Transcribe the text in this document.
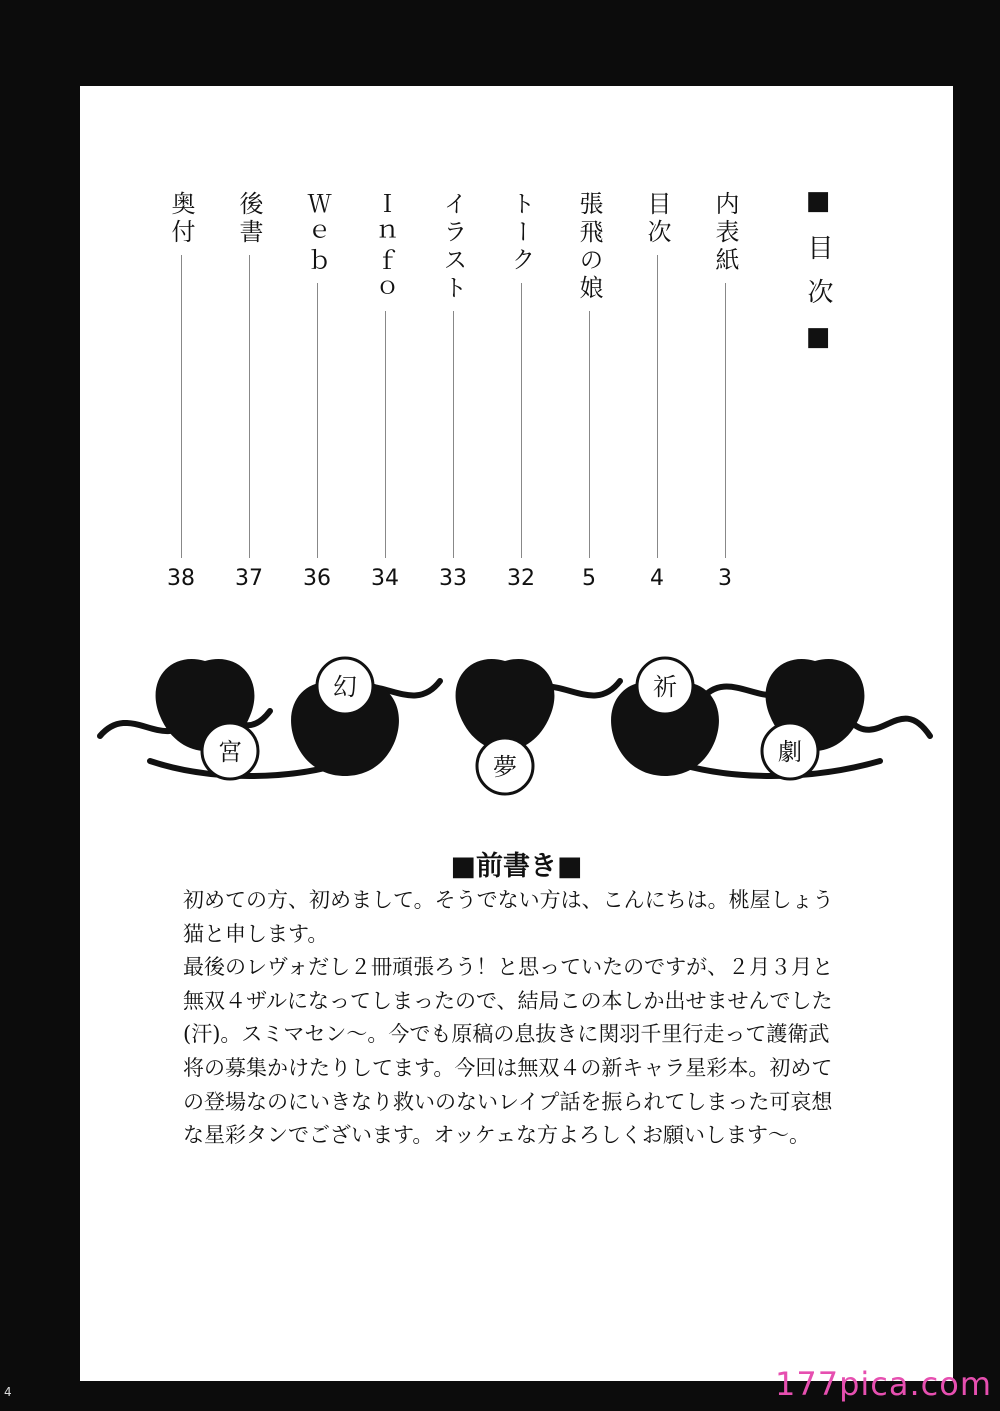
■目次■
内表紙
3
目次
4
張飛の娘
5
トーク
32
イラスト
33
Ｉｎｆｏ
34
Ｗｅｂ
36
後書
37
奥付
38
宮
幻
夢
祈
劇
■前書き■

初めての方、初めまして。そうでない方は、こんにちは。桃屋しょう猫と申します。

最後のレヴォだし２冊頑張ろう！と思っていたのですが、２月３月と無双４ザルになってしまったので、結局この本しか出せませんでした(汗)。スミマセン～。今でも原稿の息抜きに関羽千里行走って護衛武将の募集かけたりしてます。今回は無双４の新キャラ星彩本。初めての登場なのにいきなり救いのないレイプ話を振られてしまった可哀想な星彩タンでございます。オッケェな方よろしくお願いします～。

4	177pica.com
